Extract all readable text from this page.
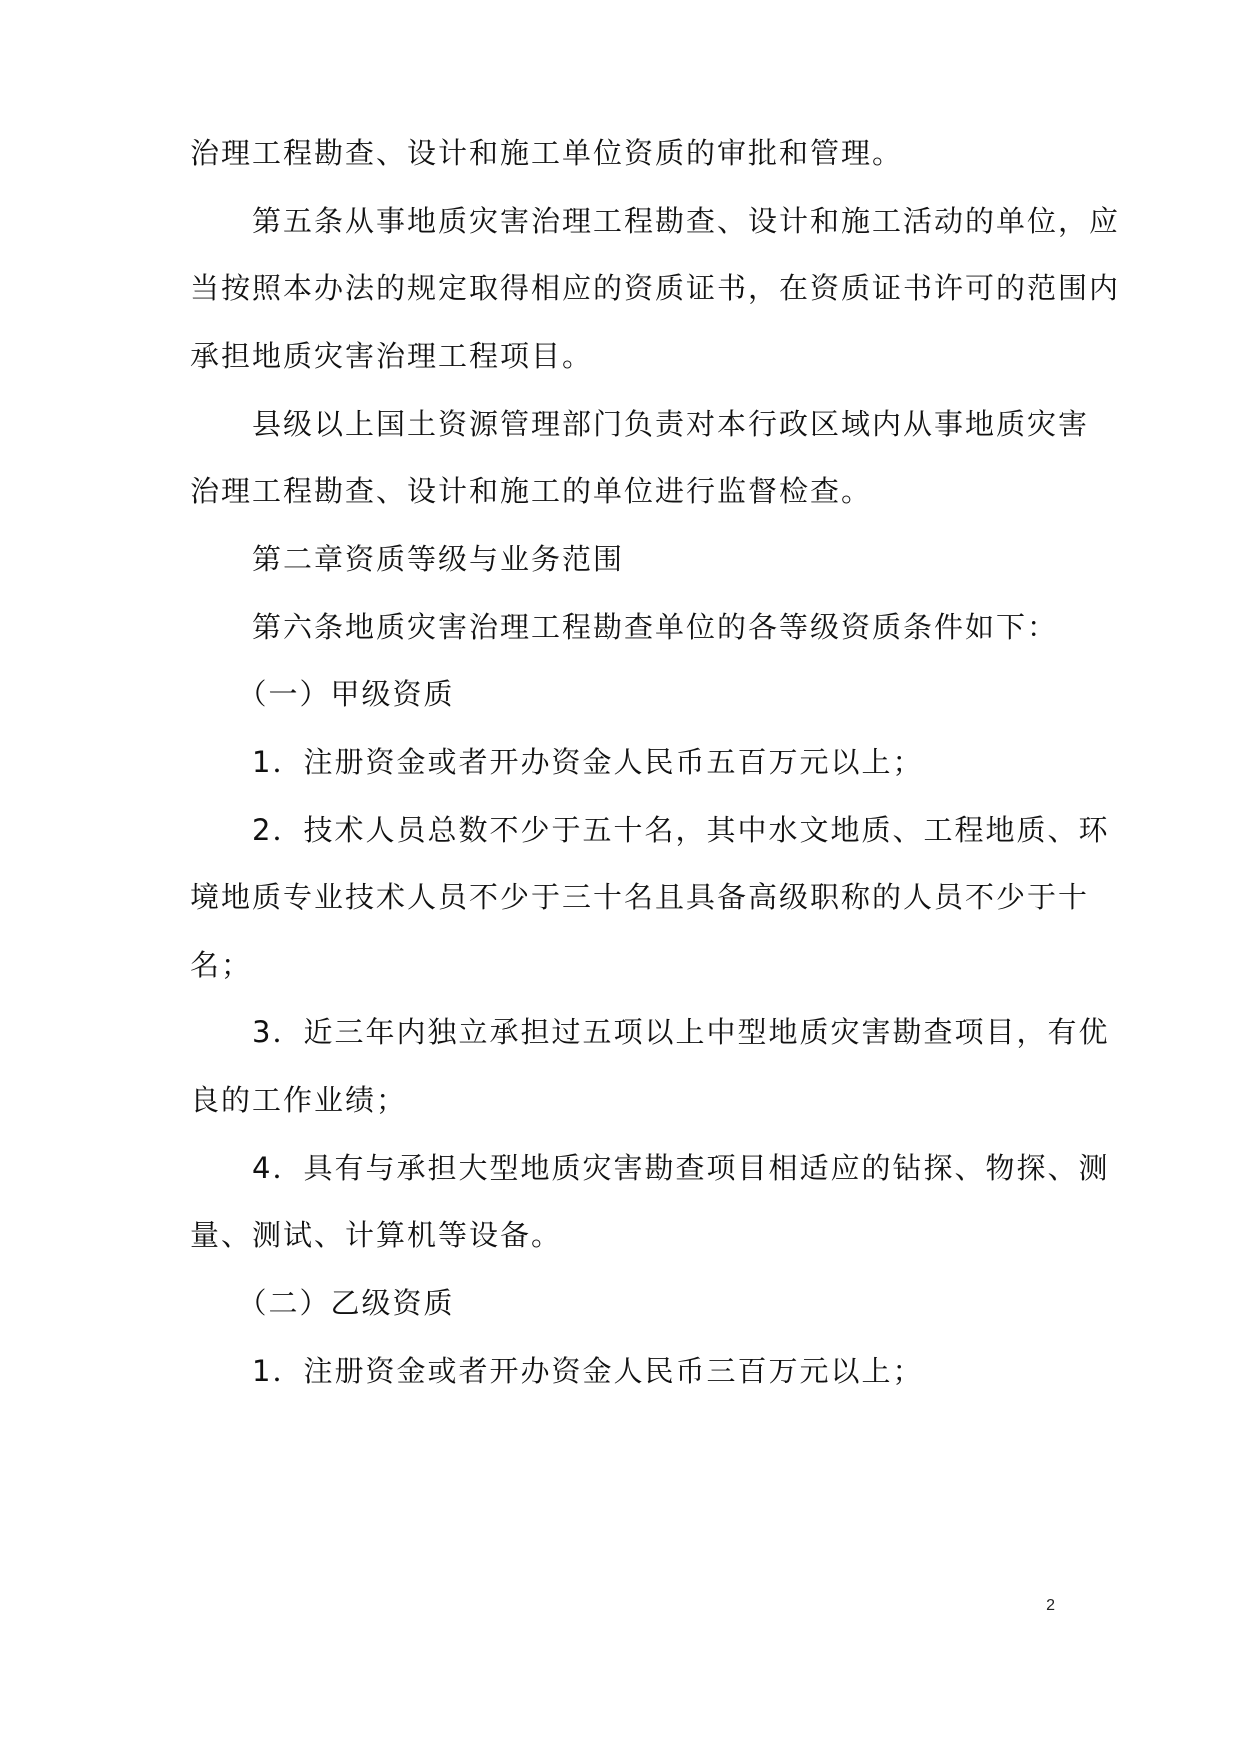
治理工程勘查、设计和施工单位资质的审批和管理。
　　第五条从事地质灾害治理工程勘查、设计和施工活动的单位，应
当按照本办法的规定取得相应的资质证书，在资质证书许可的范围内
承担地质灾害治理工程项目。
　　县级以上国土资源管理部门负责对本行政区域内从事地质灾害
治理工程勘查、设计和施工的单位进行监督检查。
　　第二章资质等级与业务范围
　　第六条地质灾害治理工程勘查单位的各等级资质条件如下：
　　（一）甲级资质
　　1．注册资金或者开办资金人民币五百万元以上；
　　2．技术人员总数不少于五十名，其中水文地质、工程地质、环
境地质专业技术人员不少于三十名且具备高级职称的人员不少于十
名；
　　3．近三年内独立承担过五项以上中型地质灾害勘查项目，有优
良的工作业绩；
　　4．具有与承担大型地质灾害勘查项目相适应的钻探、物探、测
量、测试、计算机等设备。
　　（二）乙级资质
　　1．注册资金或者开办资金人民币三百万元以上；
2
